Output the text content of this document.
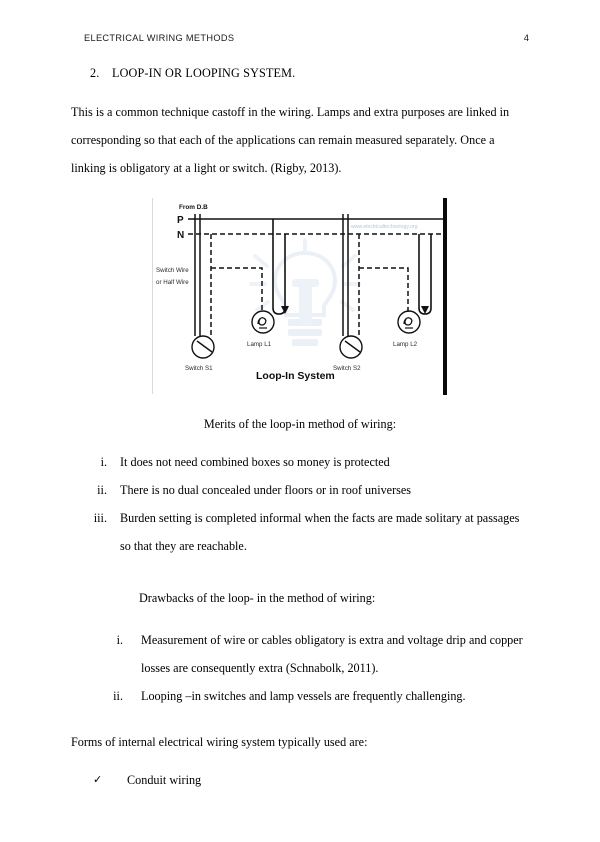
ELECTRICAL WIRING METHODS	4
2.	LOOP-IN OR LOOPING SYSTEM.

This is a common technique castoff in the wiring. Lamps and extra purposes are linked in corresponding so that each of the applications can remain measured separately. Once a linking is obligatory at a light or switch. (Rigby, 2013).

www.electricaltechnology.org
From D.B
P
N
Lamp L1
Switch S1
Switch Wire
or Half Wire
Lamp L2
Switch S2
Loop-In System

Merits of the loop-in method of wiring:

i.	It does not need combined boxes so money is protected
ii.	There is no dual concealed under floors or in roof universes
iii.	Burden setting is completed informal when the facts are made solitary at passages so that they are reachable.

Drawbacks of the loop- in the method of wiring:

i.	Measurement of wire or cables obligatory is extra and voltage drip and copper losses are consequently extra (Schnabolk, 2011).
ii.	Looping –in switches and lamp vessels are frequently challenging.

Forms of internal electrical wiring system typically used are:

✓	Conduit wiring
